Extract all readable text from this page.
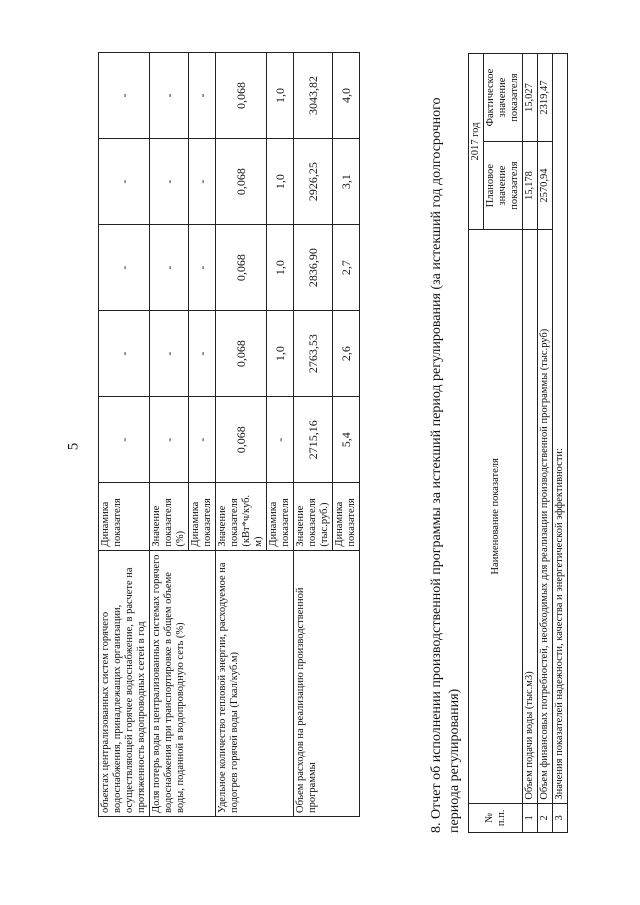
5
объектах централизованных систем горячего водоснабжения, принадлежащих организации, осуществляющей горячее водоснабжение, в расчете на протяженность водопроводных сетей в год	Динамика показателя	-	-	-	-	-
Доля потерь воды в централизованных системах горячего водоснабжения при транспортировке в общем объеме воды, поданной в водопроводную сеть (%)	Значение показателя (%)	-	-	-	-	-
	Динамика показателя	-	-	-	-	-
Удельное количество тепловой энергии, расходуемое на подогрев горячей воды (Гкал/куб.м)	Значение показателя (кВт*ч/куб. м)	0,068	0,068	0,068	0,068	0,068
	Динамика показателя	-	1,0	1,0	1,0	1,0
Объем расходов на реализацию производственной программы	Значение показателя (тыс.руб.)	2715,16	2763,53	2836,90	2926,25	3043,82
	Динамика показателя	5,4	2,6	2,7	3,1	4,0
8. Отчет об исполнении производственной программы за истекший период регулирования (за истекший год долгосрочного периода регулирования) № п.п.	Наименование показателя	2017 год	
		Плановое значение показателя	Фактическое значение показателя
1	Объем подачи воды (тыс.м3)	15,178	15,027
2	Объем финансовых потребностей, необходимых для реализации производственной программы (тыс.руб)	2570,94	2319,47
3	Значения показателей надежности, качества и энергетической эффективности:		
